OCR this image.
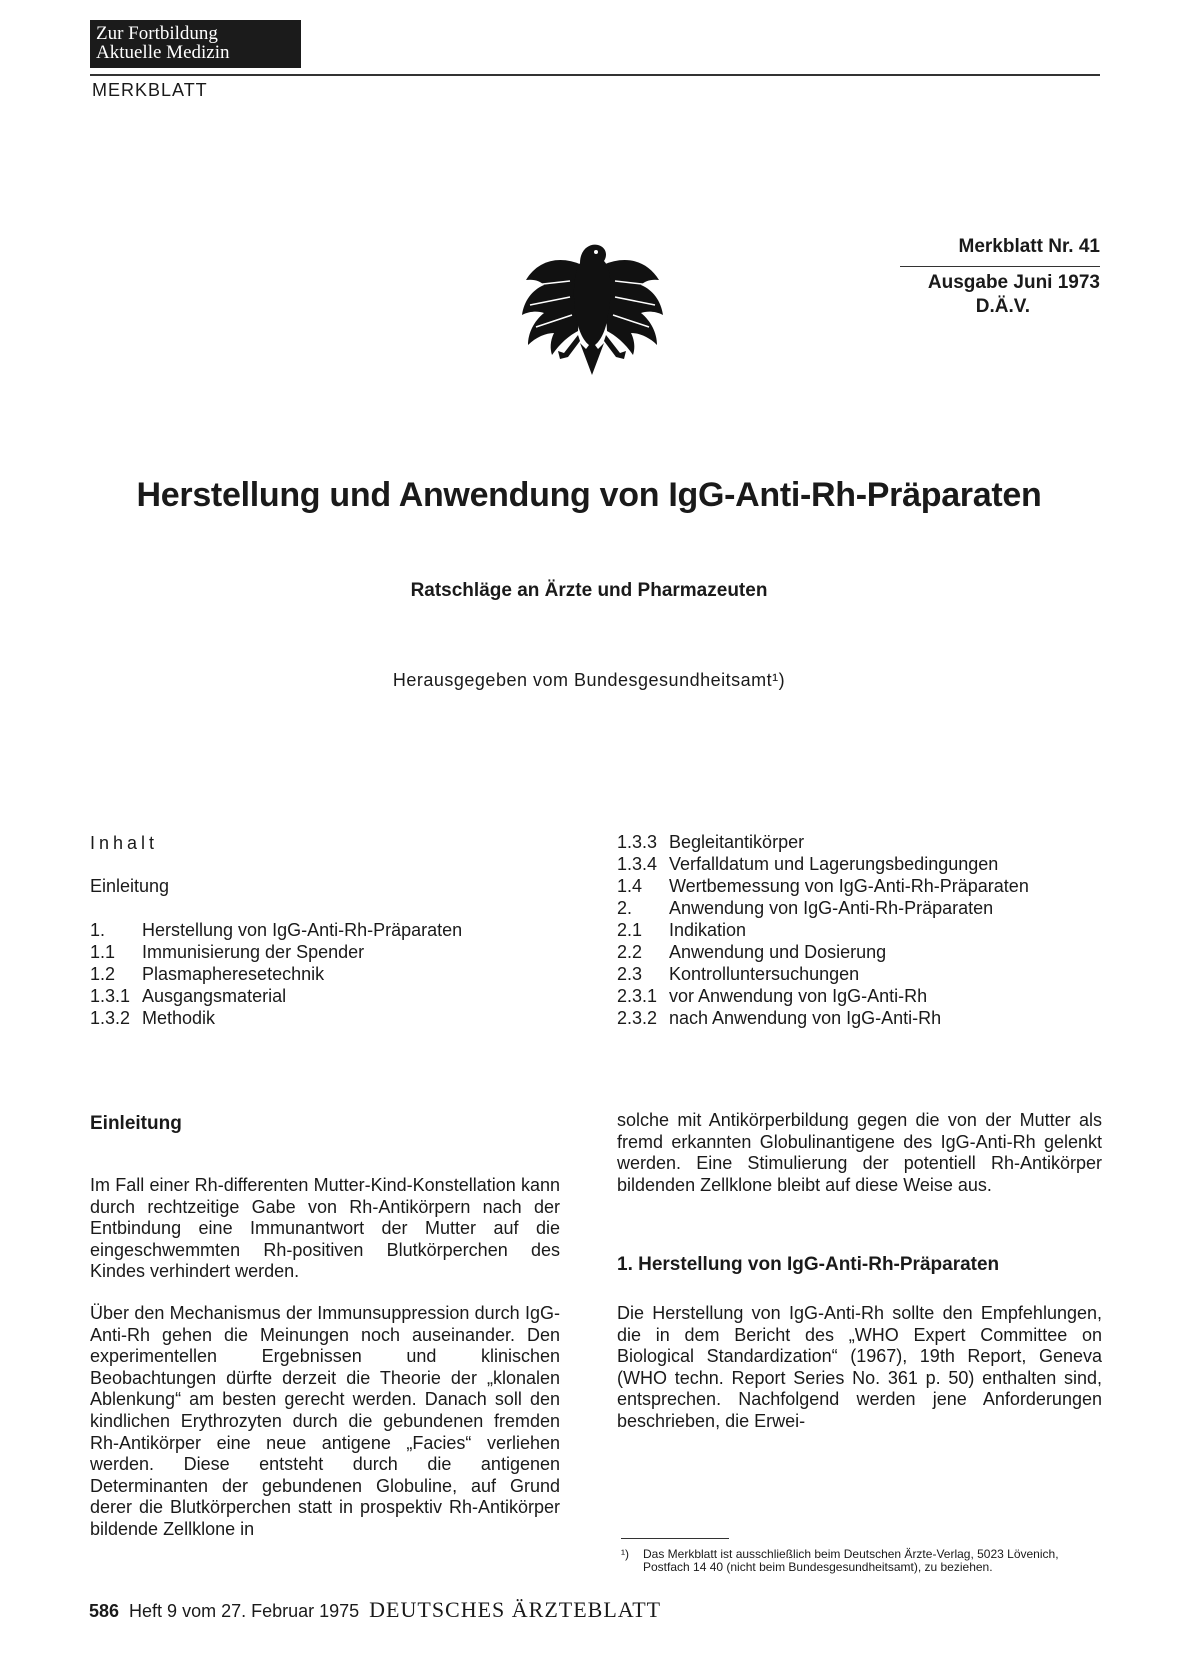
Zur Fortbildung
Aktuelle Medizin
MERKBLATT
Merkblatt Nr. 41
Ausgabe Juni 1973
D.Ä.V.
Herstellung und Anwendung von IgG-Anti-Rh-Präparaten
Ratschläge an Ärzte und Pharmazeuten
Herausgegeben vom Bundesgesundheitsamt¹)
Inhalt
Einleitung
1.	Herstellung von IgG-Anti-Rh-Präparaten
1.1	Immunisierung der Spender
1.2	Plasmapheresetechnik
1.3.1 Ausgangsmaterial
1.3.2 Methodik
1.3.3 Begleitantikörper
1.3.4 Verfalldatum und Lagerungsbedingungen
1.4	Wertbemessung von IgG-Anti-Rh-Präparaten
2.	Anwendung von IgG-Anti-Rh-Präparaten
2.1	Indikation
2.2	Anwendung und Dosierung
2.3	Kontrolluntersuchungen
2.3.1 vor Anwendung von IgG-Anti-Rh
2.3.2 nach Anwendung von IgG-Anti-Rh
Einleitung
Im Fall einer Rh-differenten Mutter-Kind-Konstellation kann durch rechtzeitige Gabe von Rh-Antikörpern nach der Entbindung eine Immunantwort der Mutter auf die eingeschwemmten Rh-positiven Blutkörperchen des Kindes verhindert werden.
Über den Mechanismus der Immunsuppression durch IgG-Anti-Rh gehen die Meinungen noch auseinander. Den experimentellen Ergebnissen und klinischen Beobachtungen dürfte derzeit die Theorie der „klonalen Ablenkung“ am besten gerecht werden. Danach soll den kindlichen Erythrozyten durch die gebundenen fremden Rh-Antikörper eine neue antigene „Facies“ verliehen werden. Diese entsteht durch die antigenen Determinanten der gebundenen Globuline, auf Grund derer die Blutkörperchen statt in prospektiv Rh-Antikörper bildende Zellklone in
solche mit Antikörperbildung gegen die von der Mutter als fremd erkannten Globulinantigene des IgG-Anti-Rh gelenkt werden. Eine Stimulierung der potentiell Rh-Antikörper bildenden Zellklone bleibt auf diese Weise aus.
1. Herstellung von IgG-Anti-Rh-Präparaten
Die Herstellung von IgG-Anti-Rh sollte den Empfehlungen, die in dem Bericht des „WHO Expert Committee on Biological Standardization“ (1967), 19th Report, Geneva (WHO techn. Report Series No. 361 p. 50) enthalten sind, entsprechen. Nachfolgend werden jene Anforderungen beschrieben, die Erwei-
¹)	Das Merkblatt ist ausschließlich beim Deutschen Ärzte-Verlag, 5023 Lövenich, Postfach 14 40 (nicht beim Bundesgesundheitsamt), zu beziehen.
586 Heft 9 vom 27. Februar 1975 DEUTSCHES ÄRZTEBLATT
